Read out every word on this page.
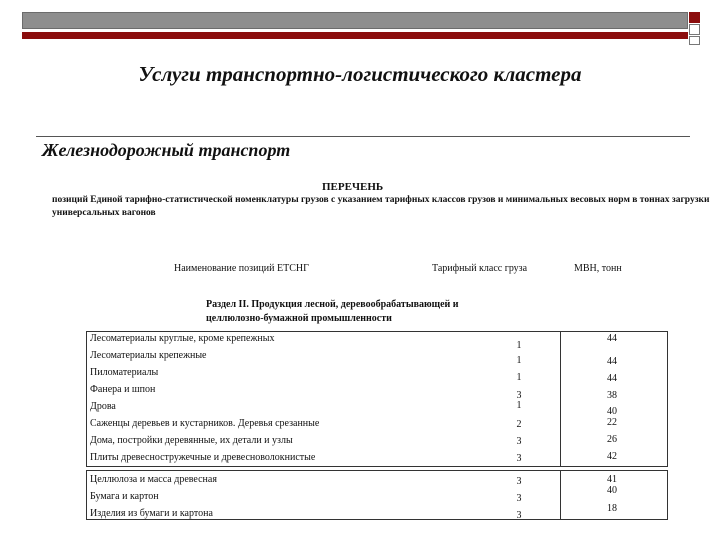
Услуги транспортно-логистического кластера
Железнодорожный транспорт
ПЕРЕЧЕНЬ
позиций Единой тарифно-статистической номенклатуры грузов с указанием тарифных классов грузов и минимальных весовых норм в тоннах загрузки универсальных вагонов
Наименование позиций ЕТСНГ	Тарифный класс груза	МВН, тонн
Раздел II. Продукция лесной, деревообрабатывающей и
целлюлозно-бумажной промышленности
Лесоматериалы круглые, кроме крепежных
Лесоматериалы крепежные
Пиломатериалы
Фанера и шпон
Дрова
Саженцы деревьев и кустарников. Деревья срезанные
Дома, постройки деревянные, их детали и узлы
Плиты древесностружечные и древесноволокнистые
Целлюлоза и масса древесная
Бумага и картон
Изделия из бумаги и картона
1
1
1
3
1
2
3
3
3
3
3
44
44
44
38
40
22
26
42
41
40
18
